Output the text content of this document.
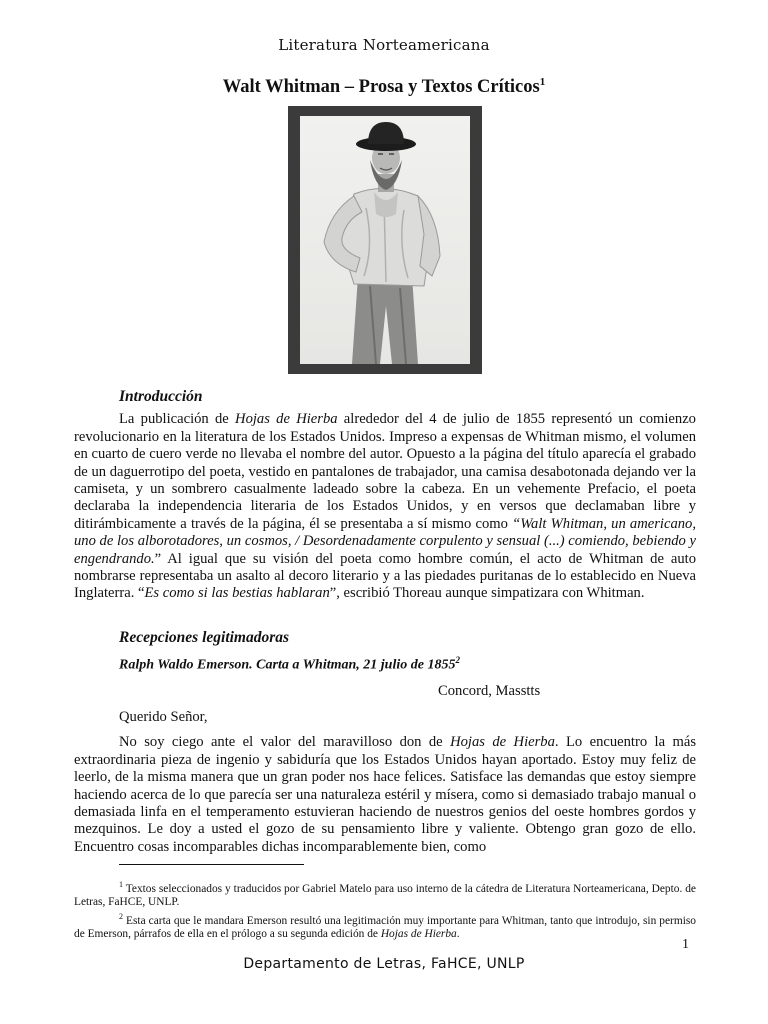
Literatura Norteamericana
Walt Whitman – Prosa y Textos Críticos$^1$
Introducción

La publicación de Hojas de Hierba alrededor del 4 de julio de 1855 representó un comienzo revolucionario en la literatura de los Estados Unidos. Impreso a expensas de Whitman mismo, el volumen en cuarto de cuero verde no llevaba el nombre del autor. Opuesto a la página del título aparecía el grabado de un daguerrotipo del poeta, vestido en pantalones de trabajador, una camisa desabotonada dejando ver la camiseta, y un sombrero casualmente ladeado sobre la cabeza. En un vehemente Prefacio, el poeta declaraba la independencia literaria de los Estados Unidos, y en versos que declamaban libre y ditirámbicamente a través de la página, él se presentaba a sí mismo como “Walt Whitman, un americano, uno de los alborotadores, un cosmos, / Desordenadamente corpulento y sensual (...) comiendo, bebiendo y engendrando.” Al igual que su visión del poeta como hombre común, el acto de Whitman de auto nombrarse representaba un asalto al decoro literario y a las piedades puritanas de lo establecido en Nueva Inglaterra. “Es como si las bestias hablaran”, escribió Thoreau aunque simpatizara con Whitman.

Recepciones legitimadoras
Ralph Waldo Emerson. Carta a Whitman, 21 julio de 1855$^2$
Concord, Masstts
Querido Señor,

No soy ciego ante el valor del maravilloso don de Hojas de Hierba. Lo encuentro la más extraordinaria pieza de ingenio y sabiduría que los Estados Unidos hayan aportado. Estoy muy feliz de leerlo, de la misma manera que un gran poder nos hace felices. Satisface las demandas que estoy siempre haciendo acerca de lo que parecía ser una naturaleza estéril y mísera, como si demasiado trabajo manual o demasiada linfa en el temperamento estuvieran haciendo de nuestros genios del oeste hombres gordos y mezquinos. Le doy a usted el gozo de su pensamiento libre y valiente. Obtengo gran gozo de ello. Encuentro cosas incomparables dichas incomparablemente bien, como

$^1$ Textos seleccionados y traducidos por Gabriel Matelo para uso interno de la cátedra de Literatura Norteamericana, Depto. de Letras, FaHCE, UNLP.

$^2$ Esta carta que le mandara Emerson resultó una legitimación muy importante para Whitman, tanto que introdujo, sin permiso de Emerson, párrafos de ella en el prólogo a su segunda edición de Hojas de Hierba.

1
Departamento de Letras, FaHCE, UNLP
